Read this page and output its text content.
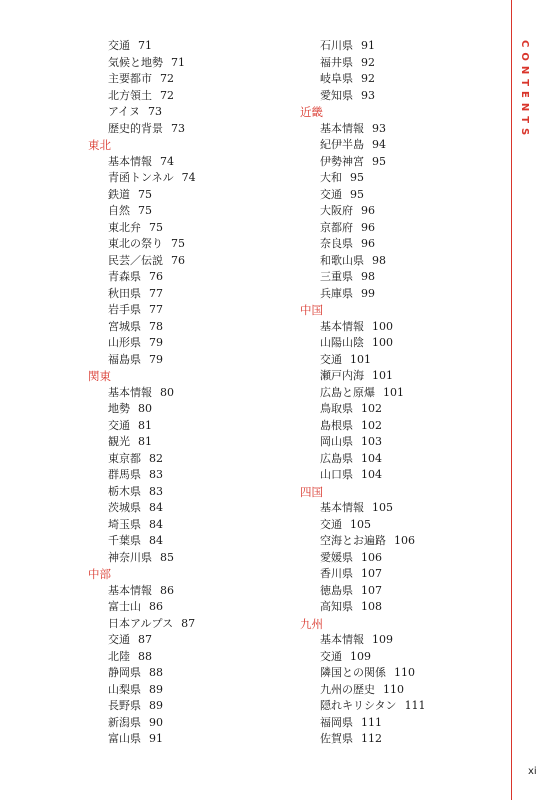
交通 71
気候と地勢 71
主要都市 72
北方領土 72
アイヌ 73
歴史的背景 73
東北
基本情報 74
青函トンネル 74
鉄道 75
自然 75
東北弁 75
東北の祭り 75
民芸／伝説 76
青森県 76
秋田県 77
岩手県 77
宮城県 78
山形県 79
福島県 79
関東
基本情報 80
地勢 80
交通 81
観光 81
東京都 82
群馬県 83
栃木県 83
茨城県 84
埼玉県 84
千葉県 84
神奈川県 85
中部
基本情報 86
富士山 86
日本アルプス 87
交通 87
北陸 88
静岡県 88
山梨県 89
長野県 89
新潟県 90
富山県 91
石川県 91
福井県 92
岐阜県 92
愛知県 93
近畿
基本情報 93
紀伊半島 94
伊勢神宮 95
大和 95
交通 95
大阪府 96
京都府 96
奈良県 96
和歌山県 98
三重県 98
兵庫県 99
中国
基本情報 100
山陽山陰 100
交通 101
瀬戸内海 101
広島と原爆 101
鳥取県 102
島根県 102
岡山県 103
広島県 104
山口県 104
四国
基本情報 105
交通 105
空海とお遍路 106
愛媛県 106
香川県 107
徳島県 107
高知県 108
九州
基本情報 109
交通 109
隣国との関係 110
九州の歴史 110
隠れキリシタン 111
福岡県 111
佐賀県 112
CONTENTS
xi
